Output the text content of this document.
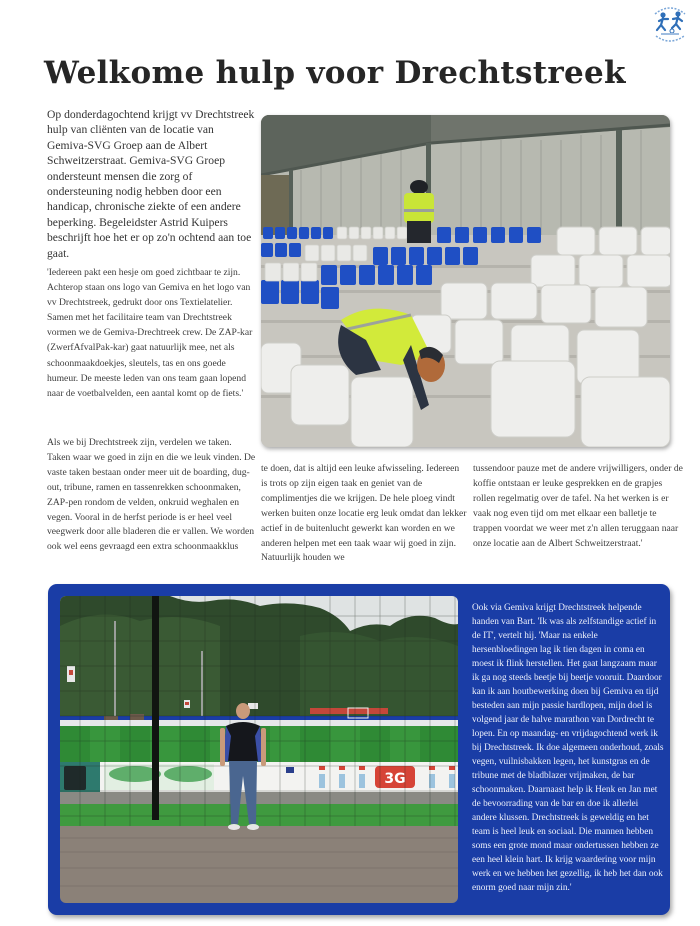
Welkome hulp voor Drechtstreek

Op donderdagochtend krijgt vv Drechtstreek hulp van cliënten van de locatie van Gemiva-SVG Groep aan de Albert Schweitzerstraat. Gemiva-SVG Groep ondersteunt mensen die zorg of ondersteuning nodig hebben door een handicap, chronische ziekte of een andere beperking. Begeleidster Astrid Kuipers beschrijft hoe het er op zo'n ochtend aan toe gaat.

'Iedereen pakt een hesje om goed zichtbaar te zijn. Achterop staan ons logo van Gemiva en het logo van vv Drechtstreek, gedrukt door ons Textielatelier. Samen met het facilitaire team van Drechtstreek vormen we de Gemiva-Drechtreek crew. De ZAP-kar (ZwerfAfvalPak-kar) gaat natuurlijk mee, net als schoonmaakdoekjes, sleutels, tas en ons goede humeur. De meeste leden van ons team gaan lopend naar de voetbalvelden, een aantal komt op de fiets.'

Als we bij Drechtstreek zijn, verdelen we taken. Taken waar we goed in zijn en die we leuk vinden. De vaste taken bestaan onder meer uit de boarding, dug-out, tribune, ramen en tassenrekken schoonmaken, ZAP-pen rondom de velden, onkruid weghalen en vegen. Vooral in de herfst periode is er heel veel veegwerk door alle bladeren die er vallen. We worden ook wel eens gevraagd een extra schoonmaakklus

te doen, dat is altijd een leuke afwisseling. Iedereen is trots op zijn eigen taak en geniet van de complimentjes die we krijgen. De hele ploeg vindt werken buiten onze locatie erg leuk omdat dan lekker actief in de buitenlucht gewerkt kan worden en we anderen helpen met een taak waar wij goed in zijn. Natuurlijk houden we

tussendoor pauze met de andere vrijwilligers, onder de koffie ontstaan er leuke gesprekken en de grapjes rollen regelmatig over de tafel. Na het werken is er vaak nog even tijd om met elkaar een balletje te trappen voordat we weer met z'n allen teruggaan naar onze locatie aan de Albert Schweitzerstraat.'

3G

Ook via Gemiva krijgt Drechtstreek helpende handen van Bart. 'Ik was als zelfstandige actief in de IT', vertelt hij. 'Maar na enkele hersenbloedingen lag ik tien dagen in coma en moest ik flink herstellen. Het gaat langzaam maar ik ga nog steeds beetje bij beetje vooruit. Daardoor kan ik aan houtbewerking doen bij Gemiva en tijd besteden aan mijn passie hardlopen, mijn doel is volgend jaar de halve marathon van Dordrecht te lopen. En op maandag- en vrijdagochtend werk ik bij Drechtstreek. Ik doe algemeen onderhoud, zoals vegen, vuilnisbakken legen, het kunstgras en de tribune met de bladblazer vrijmaken, de bar schoonmaken. Daarnaast help ik Henk en Jan met de bevoorrading van de bar en doe ik allerlei andere klussen. Drechtstreek is geweldig en het team is heel leuk en sociaal. Die mannen hebben soms een grote mond maar ondertussen hebben ze een heel klein hart. Ik krijg waardering voor mijn werk en we hebben het gezellig, ik heb het dan ook enorm goed naar mijn zin.'
